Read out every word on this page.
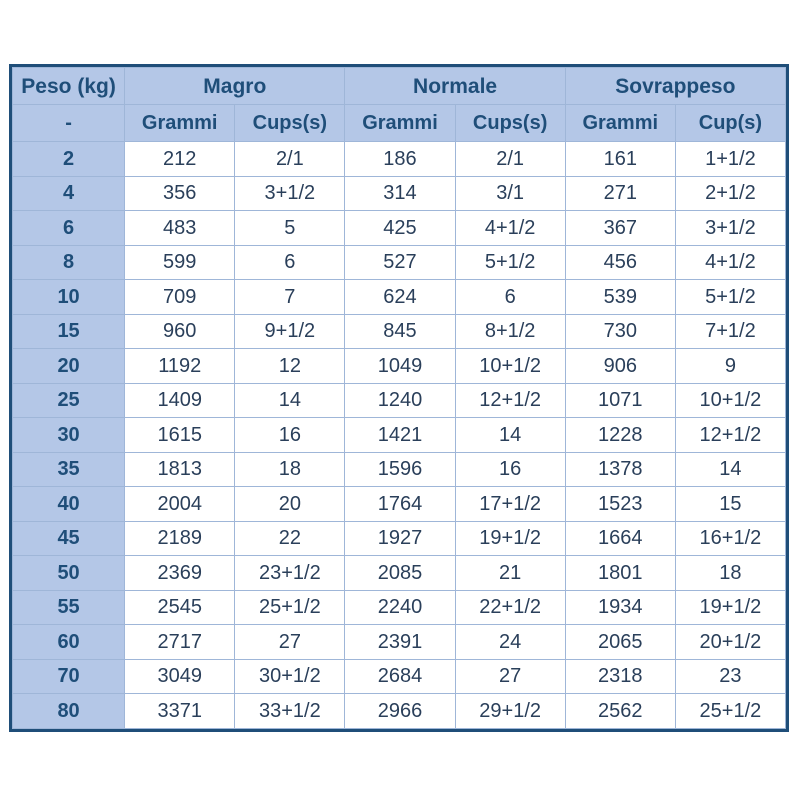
Peso (kg)	Magro		Normale		Sovrappeso	
-	Grammi	Cups(s)	Grammi	Cups(s)	Grammi	Cup(s)
2	212	2/1	186	2/1	161	1+1/2
4	356	3+1/2	314	3/1	271	2+1/2
6	483	5	425	4+1/2	367	3+1/2
8	599	6	527	5+1/2	456	4+1/2
10	709	7	624	6	539	5+1/2
15	960	9+1/2	845	8+1/2	730	7+1/2
20	1192	12	1049	10+1/2	906	9
25	1409	14	1240	12+1/2	1071	10+1/2
30	1615	16	1421	14	1228	12+1/2
35	1813	18	1596	16	1378	14
40	2004	20	1764	17+1/2	1523	15
45	2189	22	1927	19+1/2	1664	16+1/2
50	2369	23+1/2	2085	21	1801	18
55	2545	25+1/2	2240	22+1/2	1934	19+1/2
60	2717	27	2391	24	2065	20+1/2
70	3049	30+1/2	2684	27	2318	23
80	3371	33+1/2	2966	29+1/2	2562	25+1/2
